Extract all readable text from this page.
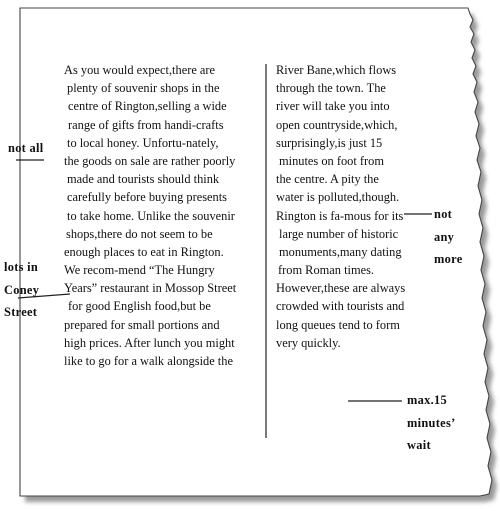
As you would expect,there are
plenty of souvenir shops in the
centre of Rington,selling a wide
range of gifts from handi-crafts
to local honey. Unfortu-nately,
the goods on sale are rather poorly
made and tourists should think
carefully before buying presents
to take home. Unlike the souvenir
shops,there do not seem to be
enough places to eat in Rington.
We recom-mend “The Hungry
Years” restaurant in Mossop Street
for good English food,but be
prepared for small portions and
high prices. After lunch you might
like to go for a walk alongside the
River Bane,which flows
through the town. The
river will take you into
open countryside,which,
surprisingly,is just 15
minutes on foot from
the centre. A pity the
water is polluted,though.
Rington is fa-mous for its
large number of historic
monuments,many dating
from Roman times.
However,these are always
crowded with tourists and
long queues tend to form
very quickly.
not all
lots in
Coney
Street
not
any
more
max.15
minutes’
wait
